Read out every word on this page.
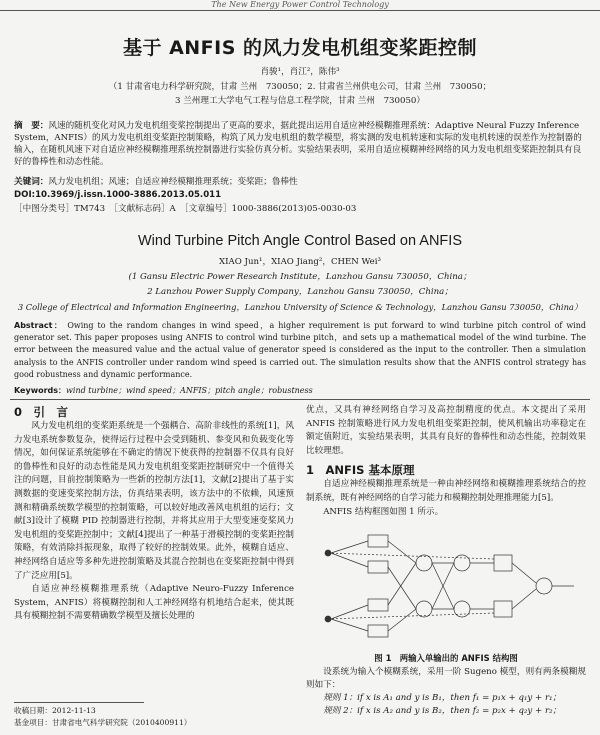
The New Energy Power Control Technology
基于 ANFIS 的风力发电机组变桨距控制
肖骏¹，肖江²，陈伟³
（1 甘肃省电力科学研究院，甘肃 兰州　730050；2. 甘肃省兰州供电公司，甘肃 兰州　730050；
3 兰州理工大学电气工程与信息工程学院，甘肃 兰州　730050）
摘　要：风速的随机变化对风力发电机组变桨控制提出了更高的要求，据此提出运用自适应神经模糊推理系统：Adaptive Neural Fuzzy Inference System，ANFIS）的风力发电机组变桨距控制策略，构筑了风力发电机组的数学模型，将实测的发电机转速和实际的发电机转速的误差作为控制器的输入，在随机风速下对自适应神经模糊推理系统控制器进行实验仿真分析。实验结果表明，采用自适应模糊神经网络的风力发电机组变桨距控制具有良好的鲁棒性和动态性能。
关键词：风力发电机组；风速；自适应神经模糊推理系统；变桨距；鲁棒性
DOI:10.3969/j.issn.1000-3886.2013.05.011
［中图分类号］TM743　［文献标志码］A　［文章编号］1000-3886(2013)05-0030-03
Wind Turbine Pitch Angle Control Based on ANFIS
XIAO Jun¹，XIAO Jiang²，CHEN Wei³
(1 Gansu Electric Power Research Institute，Lanzhou Gansu 730050，China；
2 Lanzhou Power Supply Company，Lanzhou Gansu 730050，China；
3 College of Electrical and Information Engineering，Lanzhou University of Science & Technology，Lanzhou Gansu 730050，China）
Abstract： Owing to the random changes in wind speed，a higher requirement is put forward to wind turbine pitch control of wind generator set. This paper proposes using ANFIS to control wind turbine pitch，and sets up a mathematical model of the wind turbine. The error between the measured value and the actual value of generator speed is considered as the input to the controller. Then a simulation analysis to the ANFIS controller under random wind speed is carried out. The simulation results show that the ANFIS control strategy has good robustness and dynamic performance.
Keywords：wind turbine；wind speed；ANFIS；pitch angle；robustness
0　引　言
风力发电机组的变桨距系统是一个强耦合、高阶非线性的系统[1]，风力发电系统参数复杂，使得运行过程中会受到随机、参变风和负载变化等情况，如何保证系统能够在不确定的情况下使获得的控制器不仅具有良好的鲁棒性和良好的动态性能是风力发电机组变桨距控制研究中一个值得关注的问题，目前控制策略为一些新的控制方法[1]，文献[2]提出了基于实测数据的变速变桨控制方法，仿真结果表明，该方法中的不依赖，风速预测和精确系统数学模型的控制策略，可以较好地改善风电机组的运行；文献[3]设计了模糊 PID 控制器进行控制，并将其应用于大型变速变桨风力发电机组的变桨距控制中；文献[4]提出了一种基于滑模控制的变桨距控制策略，有效消除抖振现象，取得了较好的控制效果。此外，模糊自适应、神经网络自适应等多种先进控制策略及其混合控制也在变桨距控制中得到了广泛应用[5]。
自适应神经模糊推理系统（Adaptive Neuro-Fuzzy Inference System，ANFIS）将模糊控制和人工神经网络有机地结合起来，使其既具有模糊控制不需要精确数学模型及擅长处理的
优点，又具有神经网络自学习及高控制精度的优点。本文提出了采用 ANFIS 控制策略进行风力发电机组变桨距控制，使风机输出功率稳定在额定值附近，实验结果表明，其具有良好的鲁棒性和动态性能，控制效果比较理想。
1　ANFIS 基本原理
自适应神经模糊推理系统是一种由神经网络和模糊推理系统结合的控制系统，既有神经网络的自学习能力和模糊控制处理推理能力[5]。
ANFIS 结构框图如图 1 所示。
图 1　两输入单输出的 ANFIS 结构图
设系统为输入个模糊系统，采用一阶 Sugeno 模型，则有两条模糊规则如下：
规则 1：if x is A₁ and y is B₁，then f₁ = p₁x + q₁y + r₁；
规则 2：if x is A₂ and y is B₂，then f₂ = p₂x + q₂y + r₂；
收稿日期：2012-11-13
基金项目：甘肃省电气科学研究院（2010400911）
